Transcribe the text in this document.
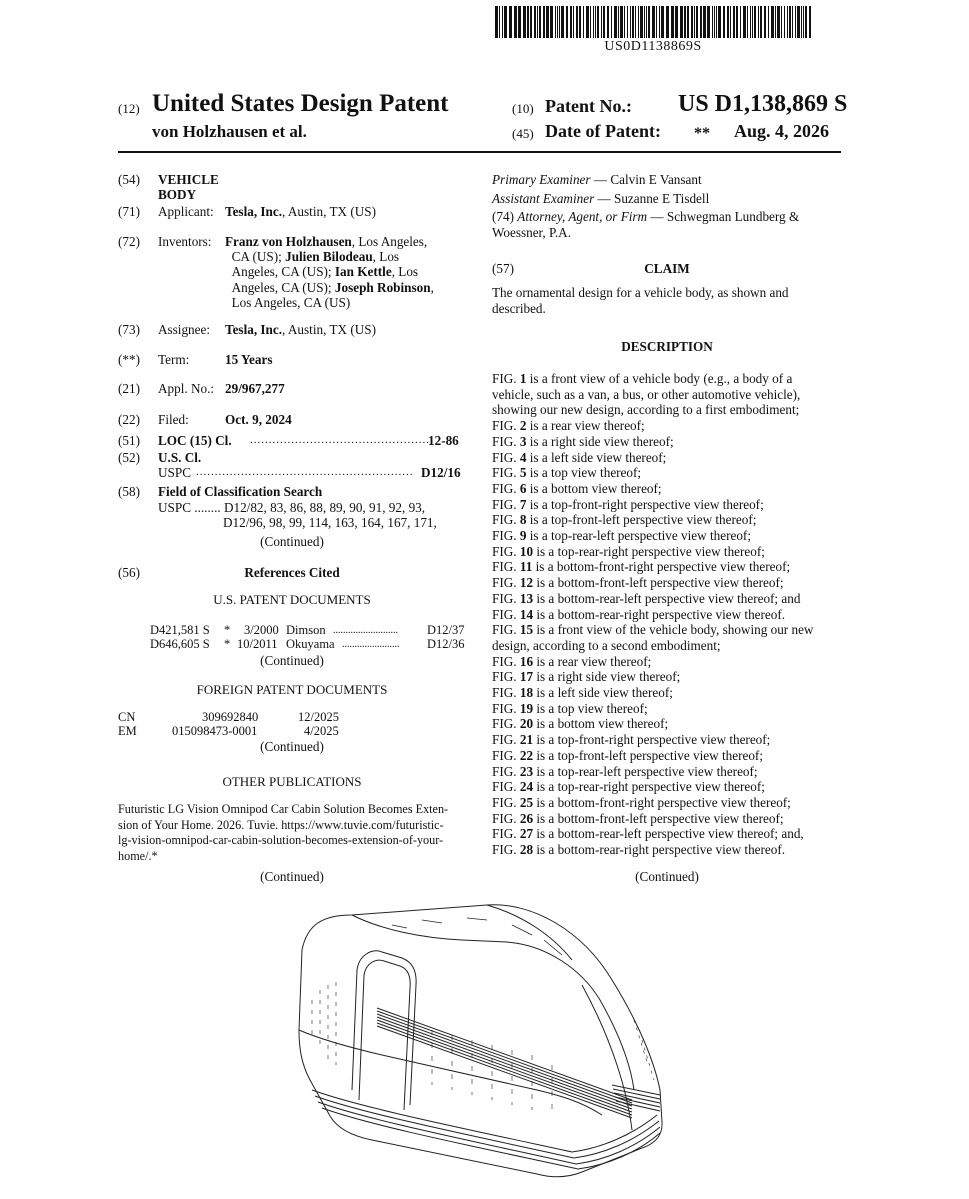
US0D1138869S
(12) United States Design Patent
von Holzhausen et al.
(10) Patent No.: US D1,138,869 S
(45) Date of Patent: ** Aug. 4, 2026
(54)	VEHICLE BODY
(71)	Applicant: Tesla, Inc., Austin, TX (US)
(72)	Inventors: Franz von Holzhausen, Los Angeles,
CA (US); Julien Bilodeau, Los
Angeles, CA (US); Ian Kettle, Los
Angeles, CA (US); Joseph Robinson,
Los Angeles, CA (US)
(73)	Assignee: Tesla, Inc., Austin, TX (US)
(**)	Term:	15 Years
(21)	Appl. No.: 29/967,277
(22)	Filed:	Oct. 9, 2024
(51)	LOC (15) Cl. ................................................
12-86
(52)	U.S. Cl.
USPC .......................................................... D12/16
(58)	Field of Classification Search
USPC ........ D12/82, 83, 86, 88, 89, 90, 91, 92, 93,
D12/96, 98, 99, 114, 163, 164, 167, 171,
(Continued)
(56)	References Cited
U.S. PATENT DOCUMENTS
D421,581 S * 3/2000 Dimson .......................... D12/37
D646,605 S * 10/2011 Okuyama ....................... D12/36
(Continued)
FOREIGN PATENT DOCUMENTS
CN	309692840	12/2025
EM	015098473-0001	4/2025
(Continued)
OTHER PUBLICATIONS
Futuristic LG Vision Omnipod Car Cabin Solution Becomes Exten-
sion of Your Home. 2026. Tuvie. https://www.tuvie.com/futuristic-
lg-vision-omnipod-car-cabin-solution-becomes-extension-of-your-
home/.*
(Continued)
Primary Examiner — Calvin E Vansant
Assistant Examiner — Suzanne E Tisdell
(74) Attorney, Agent, or Firm — Schwegman Lundberg &
Woessner, P.A.
(57)	CLAIM
The ornamental design for a vehicle body, as shown and
described.
DESCRIPTION
FIG. 1 is a front view of a vehicle body (e.g., a body of a
vehicle, such as a van, a bus, or other automotive vehicle),
showing our new design, according to a first embodiment;
FIG. 2 is a rear view thereof;
FIG. 3 is a right side view thereof;
FIG. 4 is a left side view thereof;
FIG. 5 is a top view thereof;
FIG. 6 is a bottom view thereof;
FIG. 7 is a top-front-right perspective view thereof;
FIG. 8 is a top-front-left perspective view thereof;
FIG. 9 is a top-rear-left perspective view thereof;
FIG. 10 is a top-rear-right perspective view thereof;
FIG. 11 is a bottom-front-right perspective view thereof;
FIG. 12 is a bottom-front-left perspective view thereof;
FIG. 13 is a bottom-rear-left perspective view thereof; and
FIG. 14 is a bottom-rear-right perspective view thereof.
FIG. 15 is a front view of the vehicle body, showing our new
design, according to a second embodiment;
FIG. 16 is a rear view thereof;
FIG. 17 is a right side view thereof;
FIG. 18 is a left side view thereof;
FIG. 19 is a top view thereof;
FIG. 20 is a bottom view thereof;
FIG. 21 is a top-front-right perspective view thereof;
FIG. 22 is a top-front-left perspective view thereof;
FIG. 23 is a top-rear-left perspective view thereof;
FIG. 24 is a top-rear-right perspective view thereof;
FIG. 25 is a bottom-front-right perspective view thereof;
FIG. 26 is a bottom-front-left perspective view thereof;
FIG. 27 is a bottom-rear-left perspective view thereof; and,
FIG. 28 is a bottom-rear-right perspective view thereof.
(Continued)
